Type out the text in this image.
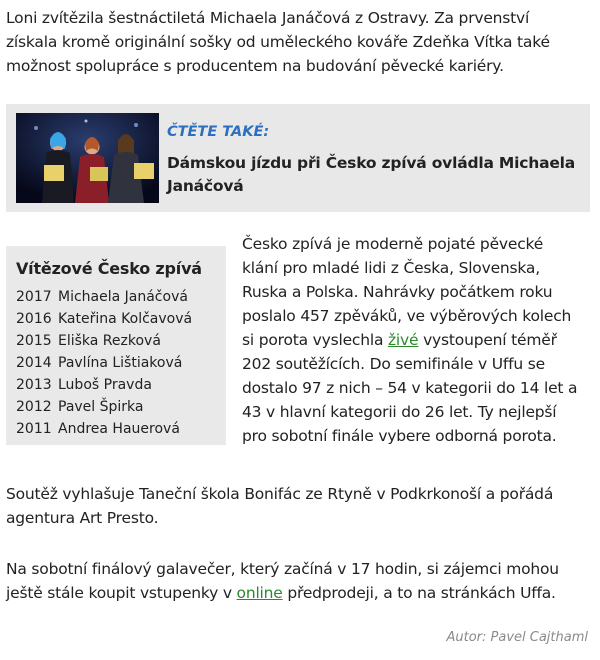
Loni zvítězila šestnáctiletá Michaela Janáčová z Ostravy. Za prvenství
získala kromě originální sošky od uměleckého kováře Zdeňka Vítka také
možnost spolupráce s producentem na budování pěvecké kariéry.
ČTĚTE TAKÉ:
Dámskou jízdu při Česko zpívá ovládla Michaela Janáčová
Vítězové Česko zpívá
2017 Michaela Janáčová
2016 Kateřina Kolčavová
2015 Eliška Rezková
2014 Pavlína Lištiaková
2013 Luboš Pravda
2012 Pavel Špirka
2011 Andrea Hauerová
Česko zpívá je moderně pojaté pěvecké
klání pro mladé lidi z Česka, Slovenska,
Ruska a Polska. Nahrávky počátkem roku
poslalo 457 zpěváků, ve výběrových kolech
si porota vyslechla živé vystoupení téměř
202 soutěžících. Do semifinále v Uffu se
dostalo 97 z nich – 54 v kategorii do 14 let a
43 v hlavní kategorii do 26 let. Ty nejlepší
pro sobotní finále vybere odborná porota.
Soutěž vyhlašuje Taneční škola Bonifác ze Rtyně v Podkrkonoší a pořádá
agentura Art Presto.
Na sobotní finálový galavečer, který začíná v 17 hodin, si zájemci mohou
ještě stále koupit vstupenky v online předprodeji, a to na stránkách Uffa.
Autor: Pavel Cajthaml
